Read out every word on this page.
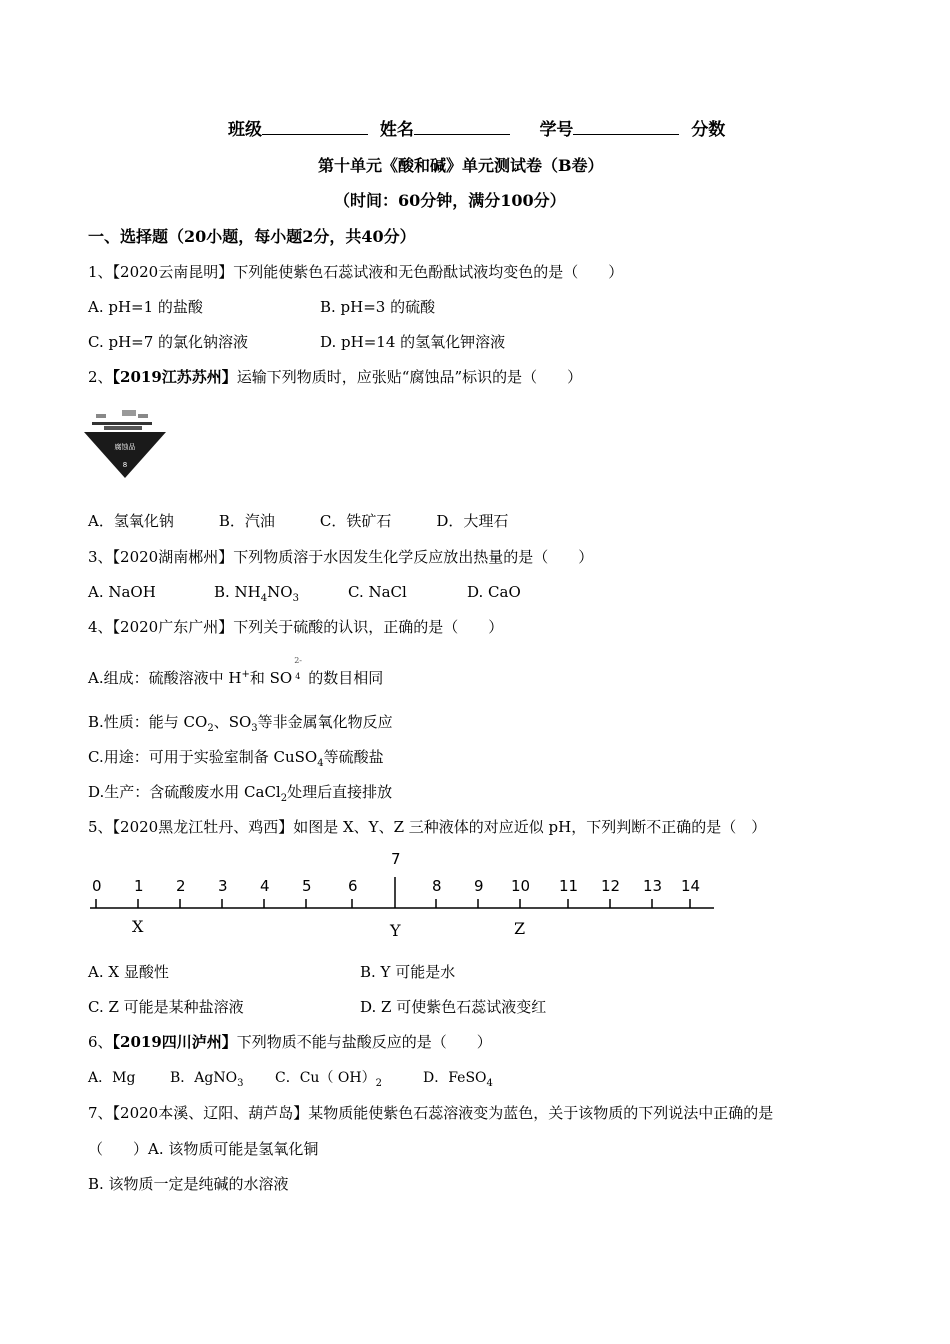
班级	姓名	学号	分数
第十单元《酸和碱》单元测试卷（B卷）
（时间：60分钟，满分100分）
一、选择题（20小题，每小题2分，共40分）
1、【2020云南昆明】下列能使紫色石蕊试液和无色酚酞试液均变色的是（　　）
A. pH=1 的盐酸	B. pH=3 的硫酸
C. pH=7 的氯化钠溶液	D. pH=14 的氢氧化钾溶液
2、【2019江苏苏州】运输下列物质时，应张贴“腐蚀品”标识的是（　　）
腐蚀品
8
A．氢氧化钠　　　B．汽油　　　C．铁矿石　　　D．大理石
3、【2020湖南郴州】下列物质溶于水因发生化学反应放出热量的是（　　）
A. NaOH	B. $NH_4NO_3$	C. NaCl	D. CaO
4、【2020广东广州】下列关于硫酸的认识，正确的是（　　）
A.组成：硫酸溶液中 H+和 SO
2-
4 的数目相同
B.性质：能与 $CO_2$、$SO_3$等非金属氧化物反应
C.用途：可用于实验室制备 CuSO$_4$等硫酸盐
D.生产：含硫酸废水用 CaCl$_2$处理后直接排放
5、【2020黑龙江牡丹、鸡西】如图是 X、Y、Z 三种液体的对应近似 pH，下列判断不正确的是（　）
0 1 2 3 4 5 6
7
8 9 10 11 12 13 14
X	Y	Z
A. X 显酸性	B. Y 可能是水
C. Z 可能是某种盐溶液	D. Z 可使紫色石蕊试液变红
6、【2019四川泸州】下列物质不能与盐酸反应的是（　　）
A．Mg B．AgNO$_3$ C．Cu（ $OH)_2$	D．FeSO$_4$
7、【2020本溪、辽阳、葫芦岛】某物质能使紫色石蕊溶液变为蓝色，关于该物质的下列说法中正确的是
（　　）A. 该物质可能是氢氧化铜
B. 该物质一定是纯碱的水溶液
